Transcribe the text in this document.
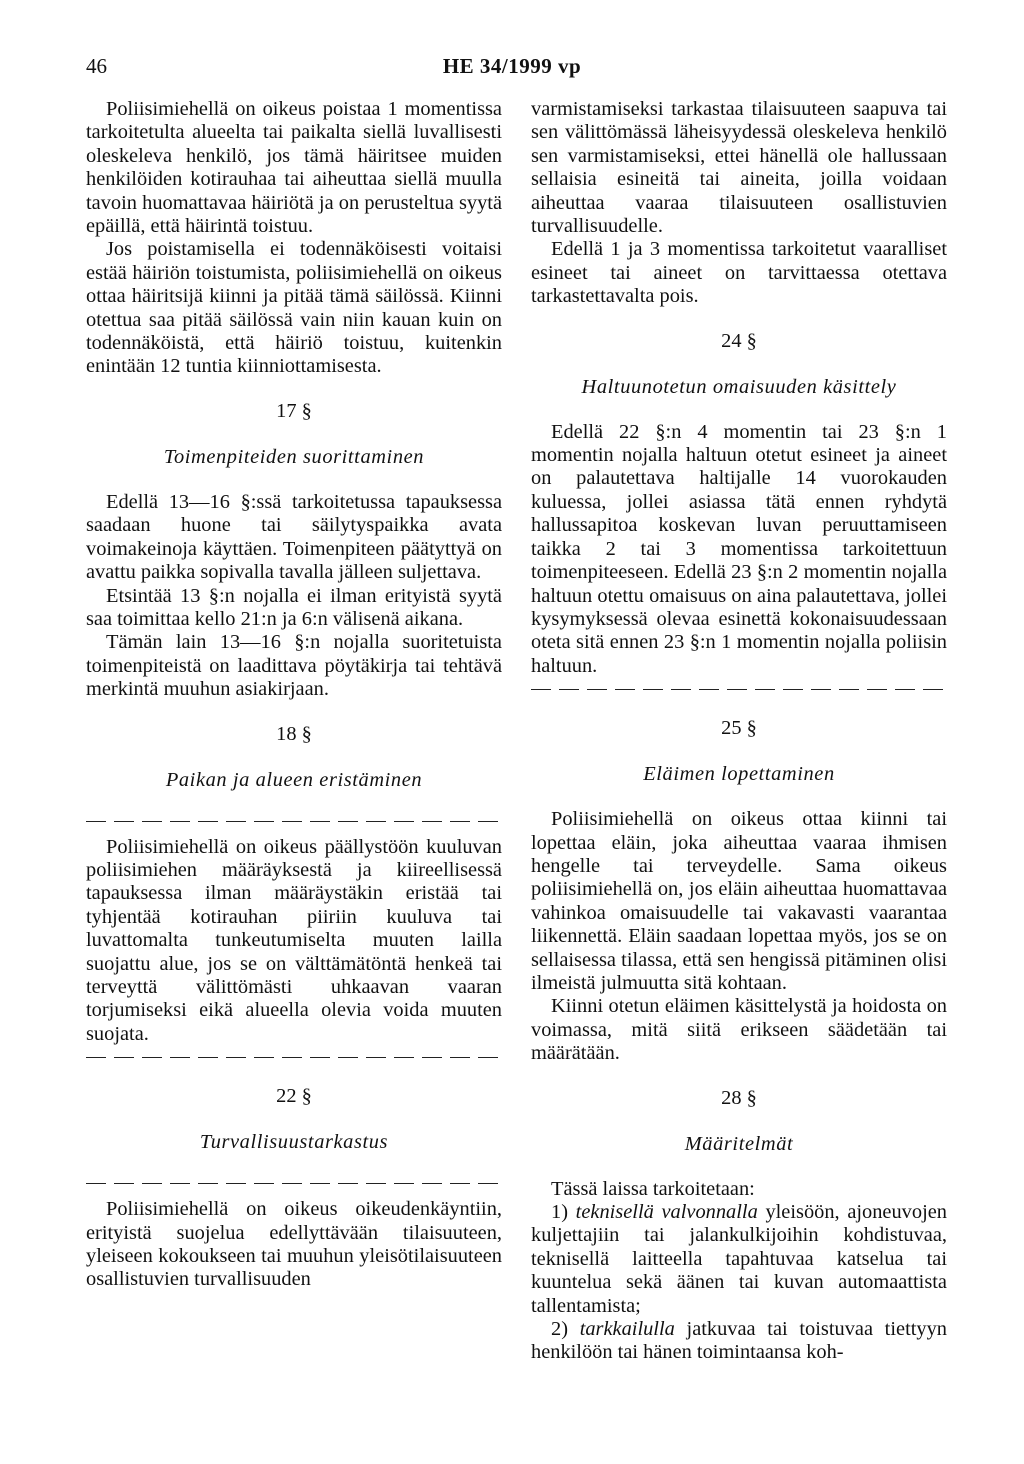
46	HE 34/1999 vp

Poliisimiehellä on oikeus poistaa 1 momentissa tarkoitetulta alueelta tai paikalta siellä luvallisesti oleskeleva henkilö, jos tämä häiritsee muiden henkilöiden kotirauhaa tai aiheuttaa siellä muulla tavoin huomattavaa häiriötä ja on perusteltua syytä epäillä, että häirintä toistuu.

Jos poistamisella ei todennäköisesti voitaisi estää häiriön toistumista, poliisimiehellä on oikeus ottaa häiritsijä kiinni ja pitää tämä säilössä. Kiinni otettua saa pitää säilössä vain niin kauan kuin on todennäköistä, että häiriö toistuu, kuitenkin enintään 12 tuntia kiinniottamisesta.

17 §
Toimenpiteiden suorittaminen

Edellä 13—16 §:ssä tarkoitetussa tapauksessa saadaan huone tai säilytyspaikka avata voimakeinoja käyttäen. Toimenpiteen päätyttyä on avattu paikka sopivalla tavalla jälleen suljettava.

Etsintää 13 §:n nojalla ei ilman erityistä syytä saa toimittaa kello 21:n ja 6:n välisenä aikana.

Tämän lain 13—16 §:n nojalla suoritetuista toimenpiteistä on laadittava pöytäkirja tai tehtävä merkintä muuhun asiakirjaan.

18 §
Paikan ja alueen eristäminen

Poliisimiehellä on oikeus päällystöön kuuluvan poliisimiehen määräyksestä ja kiireellisessä tapauksessa ilman määräystäkin eristää tai tyhjentää kotirauhan piiriin kuuluva tai luvattomalta tunkeutumiselta muuten laillа suojattu alue, jos se on välttämätöntä henkeä tai terveyttä välittömästi uhkaavan vaaran torjumiseksi eikä alueella olevia voida muuten suojata.

22 §
Turvallisuustarkastus

Poliisimiehellä on oikeus oikeudenkäyntiin, erityistä suojelua edellyttävään tilaisuuteen, yleiseen kokoukseen tai muuhun yleisötilaisuuteen osallistuvien turvallisuuden

varmistamiseksi tarkastaa tilaisuuteen saapuva tai sen välittömässä läheisyydessä oleskeleva henkilö sen varmistamiseksi, ettei hänellä ole hallussaan sellaisia esineitä tai aineita, joilla voidaan aiheuttaa vaaraa tilaisuuteen osallistuvien turvallisuudelle.

Edellä 1 ja 3 momentissa tarkoitetut vaaralliset esineet tai aineet on tarvittaessa otettava tarkastettavalta pois.

24 §
Haltuunotetun omaisuuden käsittely

Edellä 22 §:n 4 momentin tai 23 §:n 1 momentin nojalla haltuun otetut esineet ja aineet on palautettava haltijalle 14 vuorokauden kuluessa, jollei asiassa tätä ennen ryhdytä hallussapitoa koskevan luvan peruuttamiseen taikka 2 tai 3 momentissa tarkoitettuun toimenpiteeseen. Edellä 23 §:n 2 momentin nojalla haltuun otettu omaisuus on aina palautettava, jollei kysymyksessä olevaa esinettä kokonaisuudessaan oteta sitä ennen 23 §:n 1 momentin nojalla poliisin haltuun.

25 §
Eläimen lopettaminen

Poliisimiehellä on oikeus ottaa kiinni tai lopettaa eläin, joka aiheuttaa vaaraa ihmisen hengelle tai terveydelle. Sama oikeus poliisimiehellä on, jos eläin aiheuttaa huomattavaa vahinkoa omaisuudelle tai vakavasti vaarantaa liikennettä. Eläin saadaan lopettaa myös, jos se on sellaisessa tilassa, että sen hengissä pitäminen olisi ilmeistä julmuutta sitä kohtaan.

Kiinni otetun eläimen käsittelystä ja hoidosta on voimassa, mitä siitä erikseen säädetään tai määrätään.

28 §
Määritelmät

Tässä laissa tarkoitetaan:

1) teknisellä valvonnalla yleisöön, ajoneuvojen kuljettajiin tai jalankulkijoihin kohdistuvaa, teknisellä laitteella tapahtuvaa katselua tai kuuntelua sekä äänen tai kuvan automaattista tallentamista;

2) tarkkailulla jatkuvaa tai toistuvaa tiettyyn henkilöön tai hänen toimintaansa koh-
